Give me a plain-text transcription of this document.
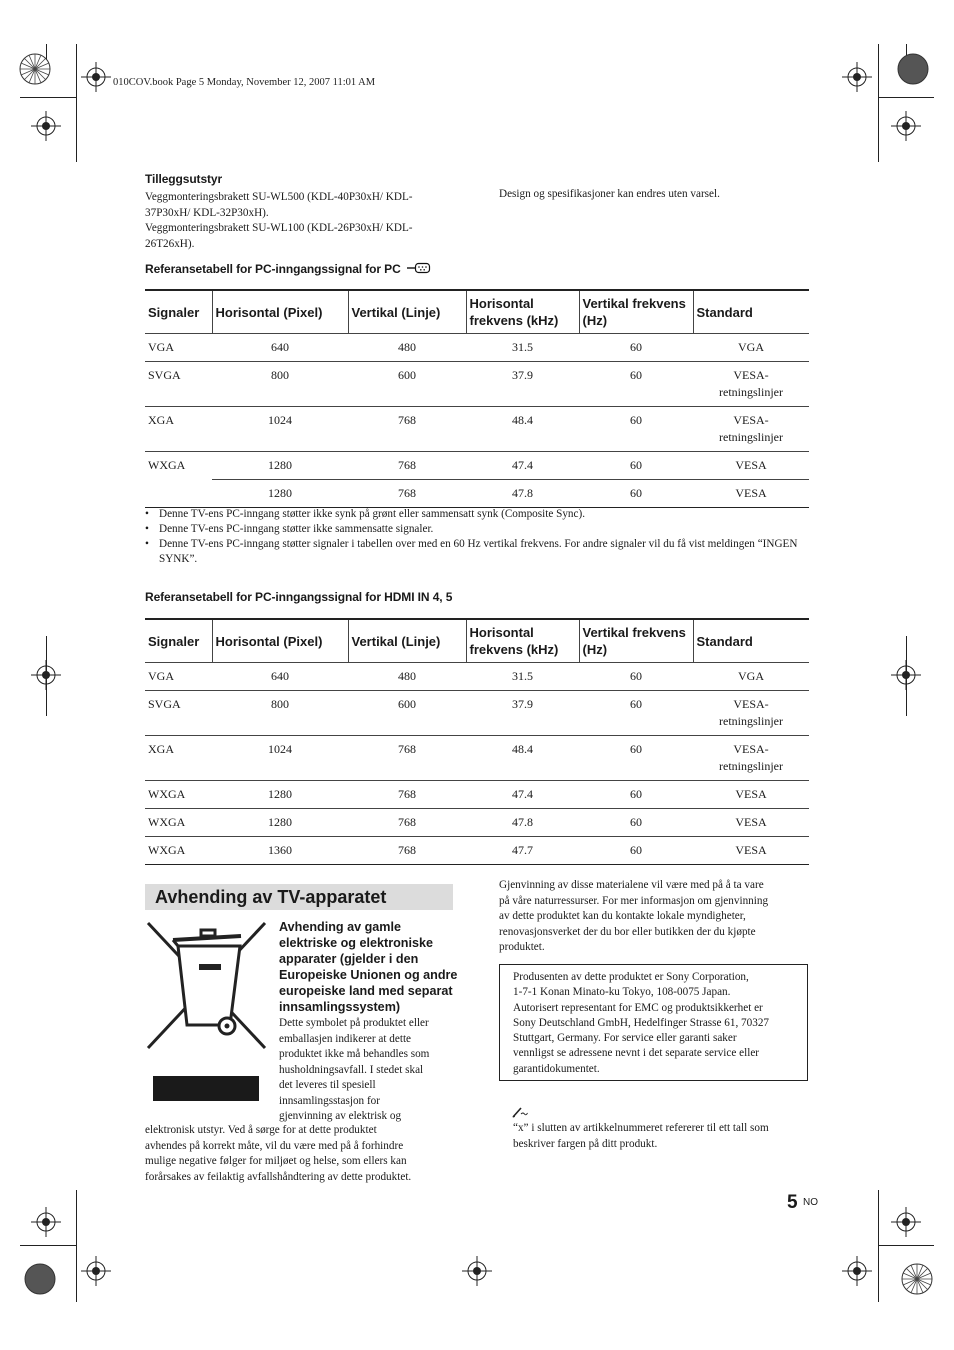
010COV.book Page 5 Monday, November 12, 2007 11:01 AM
Tilleggsutstyr
Veggmonteringsbrakett SU-WL500 (KDL-40P30xH/ KDL-
37P30xH/ KDL-32P30xH).
Veggmonteringsbrakett SU-WL100 (KDL-26P30xH/ KDL-
26T26xH).
Design og spesifikasjoner kan endres uten varsel.
Referansetabell for PC-inngangssignal for PC
Signaler	Horisontal (Pixel)	Vertikal (Linje)	Horisontal frekvens (kHz)	Vertikal frekvens (Hz)	Standard
VGA	640	480	31.5	60	VGA
SVGA	800	600	37.9	60	VESA-retningslinjer
XGA	1024	768	48.4	60	VESA-retningslinjer
WXGA	1280	768	47.4	60	VESA
	1280	768	47.8	60	VESA
• Denne TV-ens PC-inngang støtter ikke synk på grønt eller sammensatt synk (Composite Sync).
• Denne TV-ens PC-inngang støtter ikke sammensatte signaler.
• Denne TV-ens PC-inngang støtter signaler i tabellen over med en 60 Hz vertikal frekvens. For andre signaler vil du få vist meldingen “INGEN SYNK”.
Referansetabell for PC-inngangssignal for HDMI IN 4, 5
Signaler	Horisontal (Pixel)	Vertikal (Linje)	Horisontal frekvens (kHz)	Vertikal frekvens (Hz)	Standard
VGA	640	480	31.5	60	VGA
SVGA	800	600	37.9	60	VESA-retningslinjer
XGA	1024	768	48.4	60	VESA-retningslinjer
WXGA	1280	768	47.4	60	VESA
WXGA	1280	768	47.8	60	VESA
WXGA	1360	768	47.7	60	VESA
Avhending av TV-apparatet
Avhending av gamle
elektriske og elektroniske
apparater (gjelder i den
Europeiske Unionen og andre
europeiske land med separat
innsamlingssystem)
Dette symbolet på produktet eller
emballasjen indikerer at dette
produktet ikke må behandles som
husholdningsavfall. I stedet skal
det leveres til spesiell
innsamlingsstasjon for
gjenvinning av elektrisk og
elektronisk utstyr. Ved å sørge for at dette produktet
avhendes på korrekt måte, vil du være med på å forhindre
mulige negative følger for miljøet og helse, som ellers kan
forårsakes av feilaktig avfallshåndtering av dette produktet.
Gjenvinning av disse materialene vil være med på å ta vare
på våre naturressurser. For mer informasjon om gjenvinning
av dette produktet kan du kontakte lokale myndigheter,
renovasjonsverket der du bor eller butikken der du kjøpte
produktet.
Produsenten av dette produktet er Sony Corporation,
1-7-1 Konan Minato-ku Tokyo, 108-0075 Japan.
Autorisert representant for EMC og produktsikkerhet er
Sony Deutschland GmbH, Hedelfinger Strasse 61, 70327
Stuttgart, Germany. For service eller garanti saker
vennligst se adressene nevnt i det separate service eller
garantidokumentet.
“x” i slutten av artikkelnummeret refererer til ett tall som
beskriver fargen på ditt produkt.
5 NO
